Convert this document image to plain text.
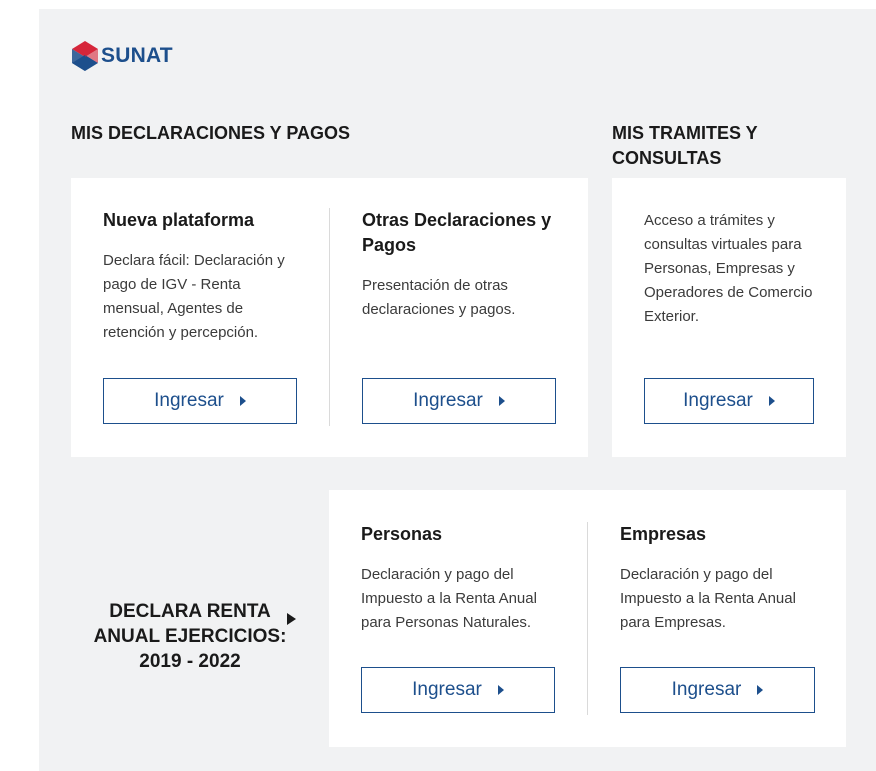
SUNAT
MIS DECLARACIONES Y PAGOS	MIS TRAMITES Y CONSULTAS
Nueva plataforma

Declara fácil: Declaración y pago de IGV - Renta mensual, Agentes de retención y percepción.

Otras Declaraciones y Pagos

Presentación de otras declaraciones y pagos.

Ingresar	Ingresar

Acceso a trámites y consultas virtuales para Personas, Empresas y Operadores de Comercio Exterior.

Ingresar
DECLARA RENTA ANUAL EJERCICIOS: 2019 - 2022
Personas

Declaración y pago del Impuesto a la Renta Anual para Personas Naturales.

Empresas

Declaración y pago del Impuesto a la Renta Anual para Empresas.

Ingresar	Ingresar
